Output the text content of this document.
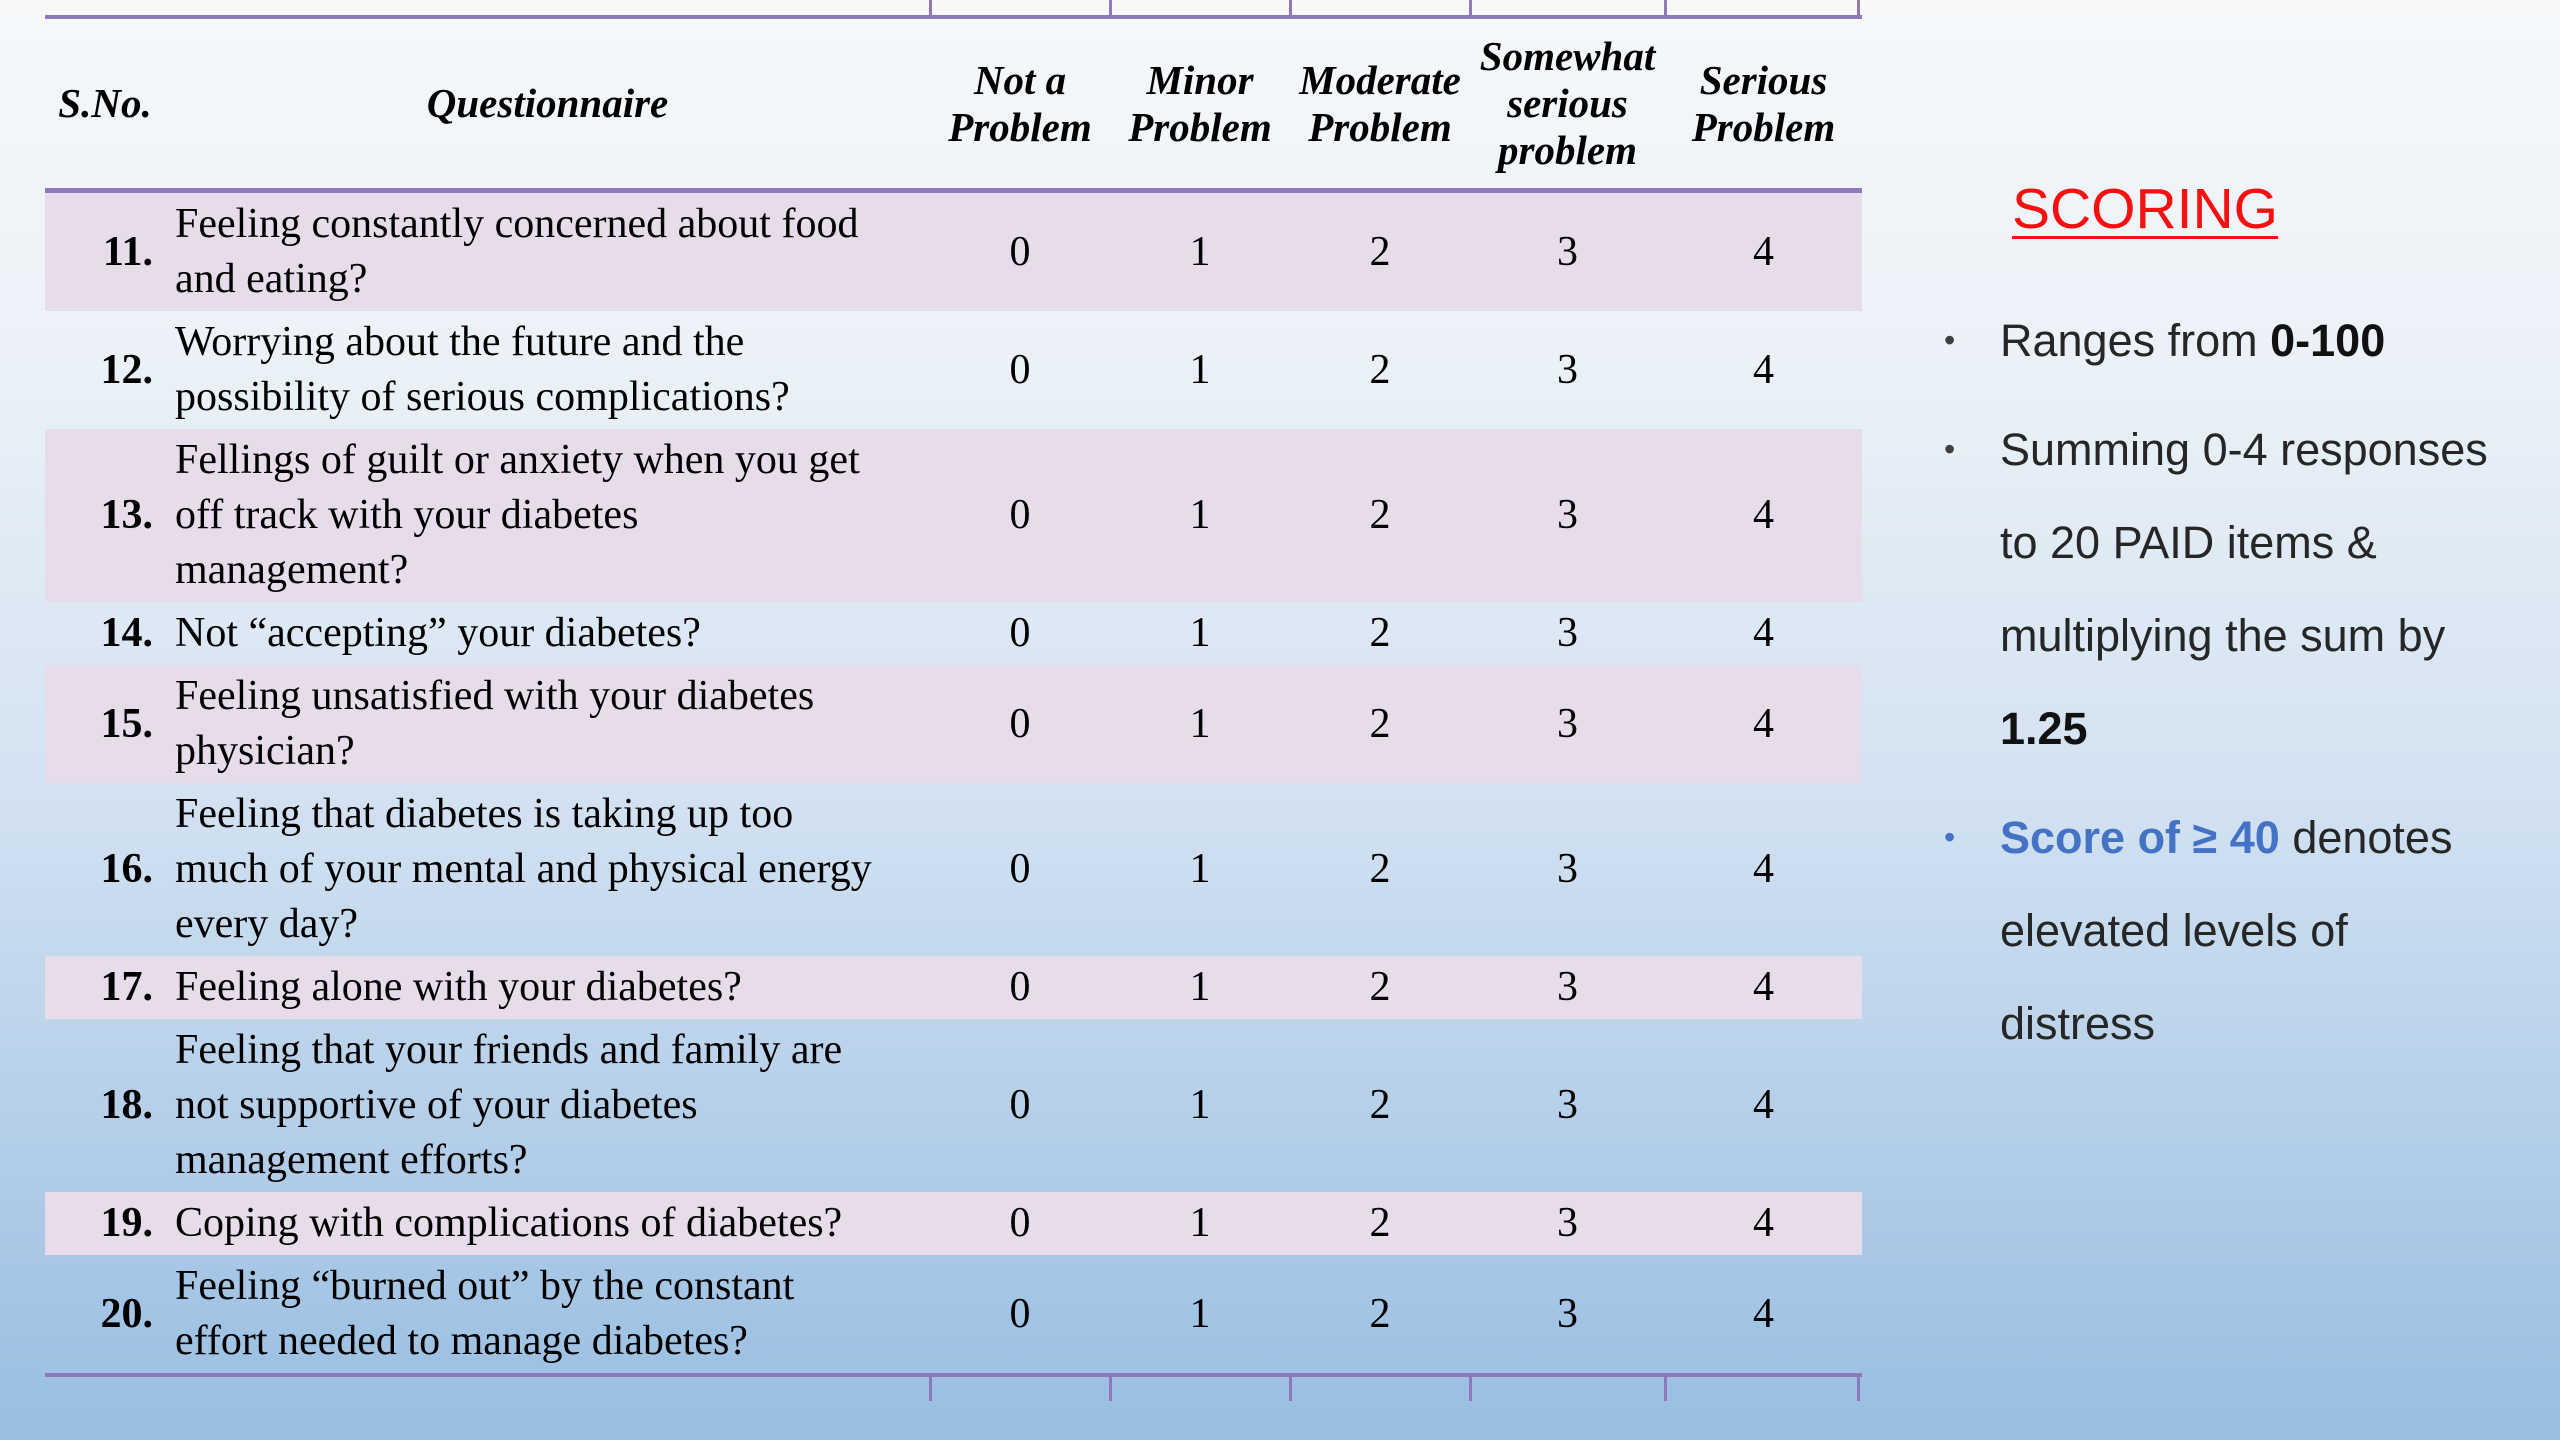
S.No.	Questionnaire	Not a Problem	Minor Problem	Moderate Problem	Somewhat serious problem	Serious Problem
11.	Feeling constantly concerned about food and eating?	0	1	2	3	4
12.	Worrying about the future and the possibility of serious complications?	0	1	2	3	4
13.	Fellings of guilt or anxiety when you get off track with your diabetes management?	0	1	2	3	4
14.	Not “accepting” your diabetes?	0	1	2	3	4
15.	Feeling unsatisfied with your diabetes physician?	0	1	2	3	4
16.	Feeling that diabetes is taking up too much of your mental and physical energy every day?	0	1	2	3	4
17.	Feeling alone with your diabetes?	0	1	2	3	4
18.	Feeling that your friends and family are not supportive of your diabetes management efforts?	0	1	2	3	4
19.	Coping with complications of diabetes?	0	1	2	3	4
20.	Feeling “burned out” by the constant effort needed to manage diabetes?	0	1	2	3	4
SCORING
• Ranges from 0-100
• Summing 0-4 responses to 20 PAID items & multiplying the sum by 1.25
• Score of ≥ 40 denotes elevated levels of distress
